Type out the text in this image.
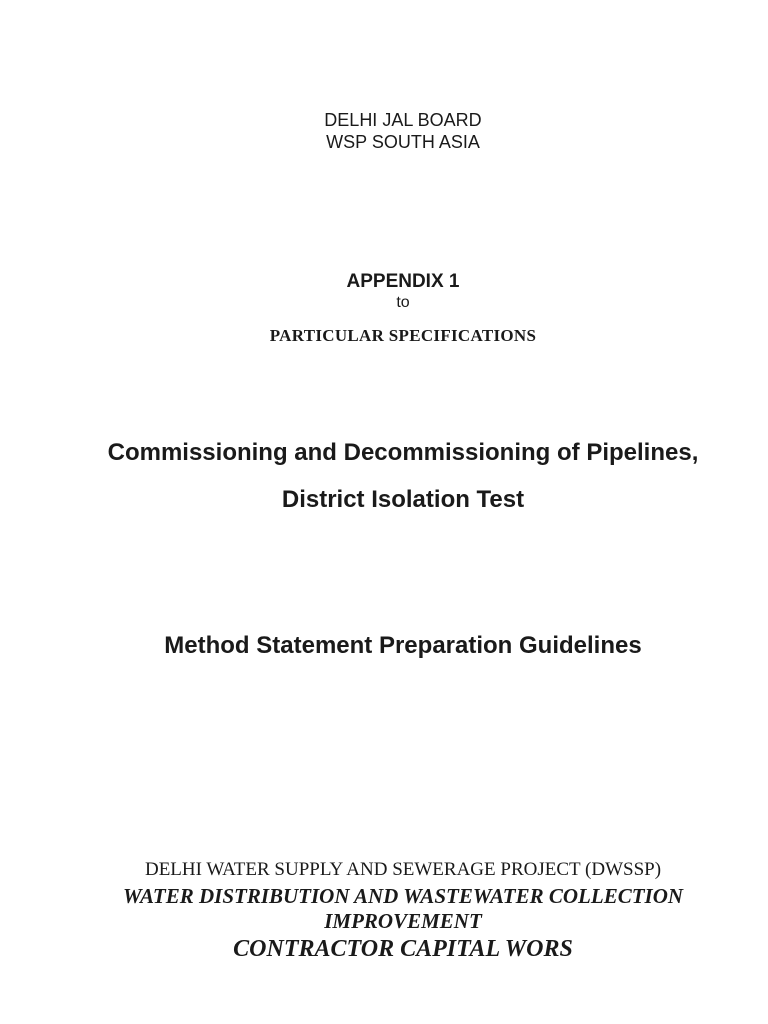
DELHI JAL BOARD
WSP SOUTH ASIA
APPENDIX 1
to
PARTICULAR SPECIFICATIONS
Commissioning and Decommissioning of Pipelines,
District Isolation Test
Method Statement Preparation Guidelines
DELHI WATER SUPPLY AND SEWERAGE PROJECT (DWSSP)
WATER DISTRIBUTION AND WASTEWATER COLLECTION
IMPROVEMENT
CONTRACTOR CAPITAL WORS
